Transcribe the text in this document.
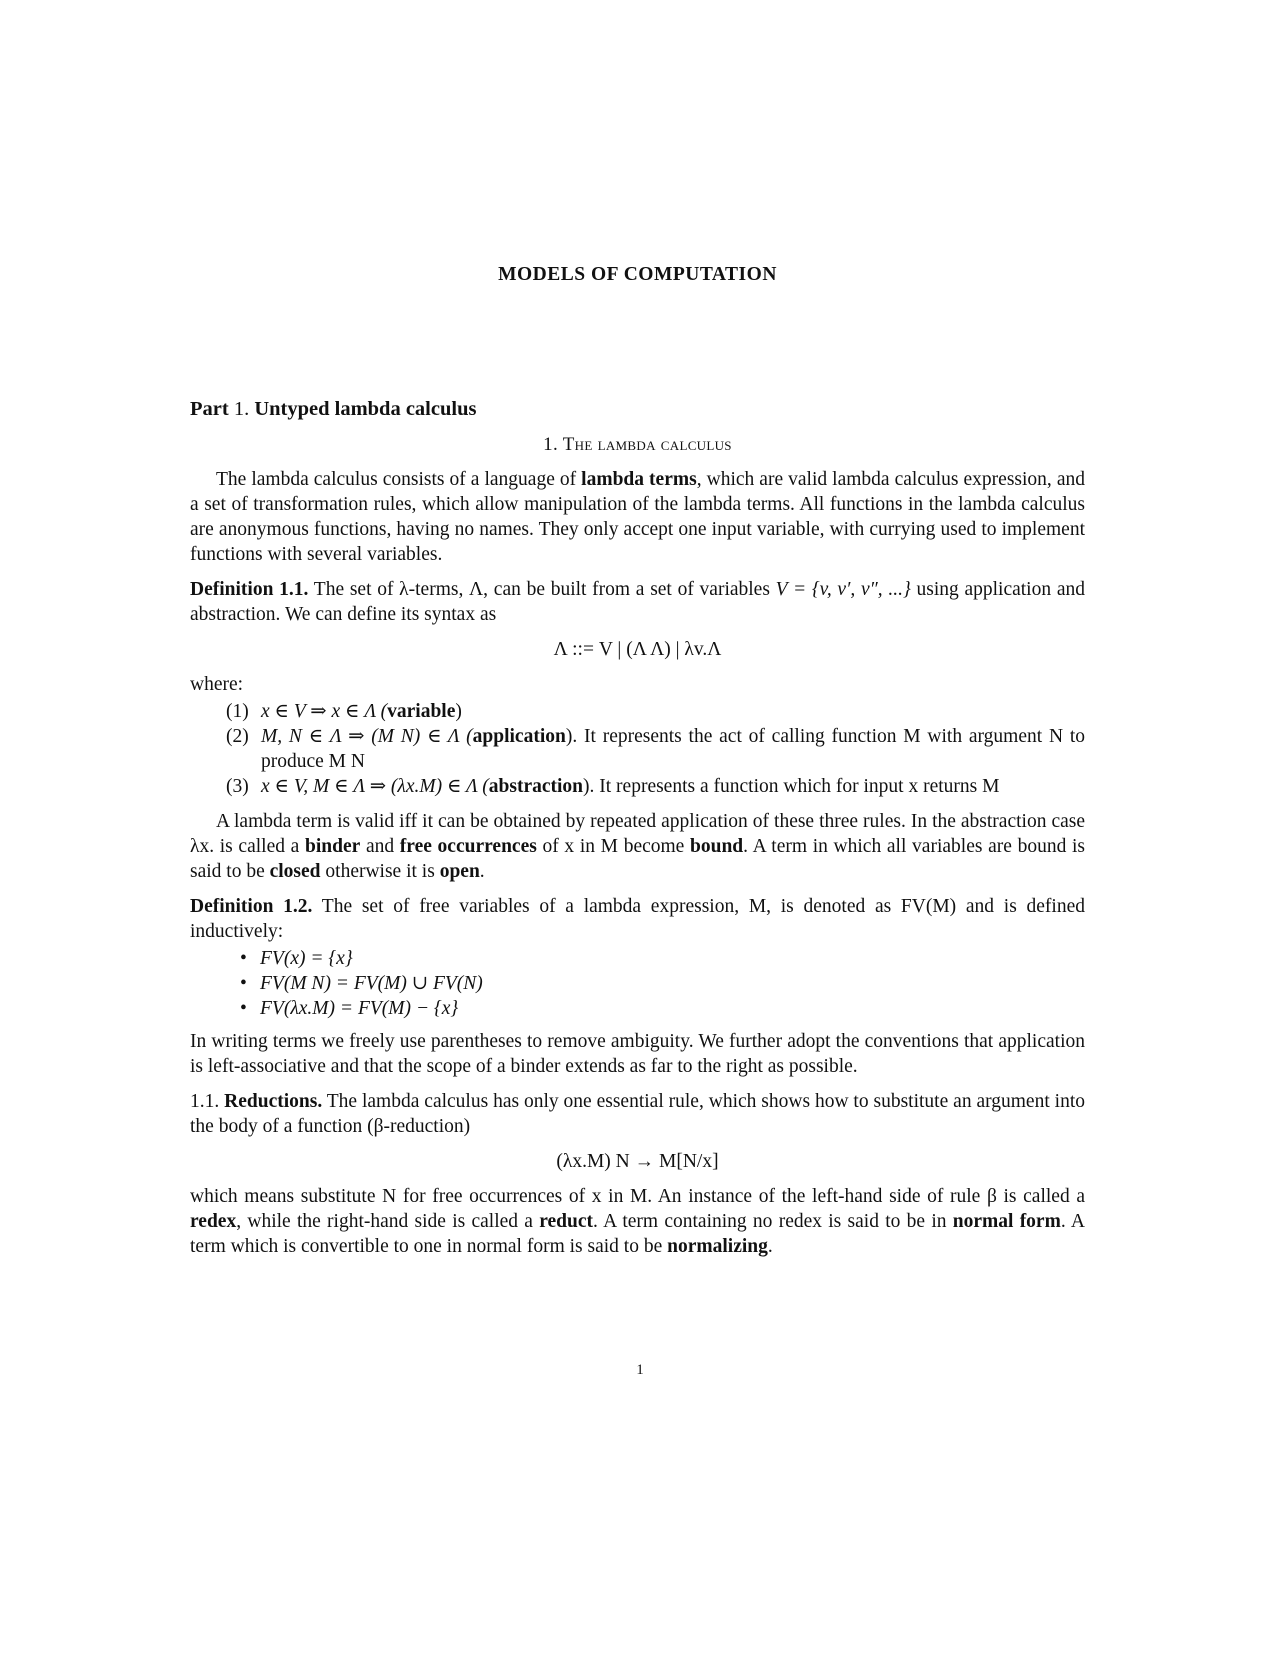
MODELS OF COMPUTATION
Part 1. Untyped lambda calculus
1. The lambda calculus

The lambda calculus consists of a language of lambda terms, which are valid lambda calculus expression, and a set of transformation rules, which allow manipulation of the lambda terms. All functions in the lambda calculus are anonymous functions, having no names. They only accept one input variable, with currying used to implement functions with several variables.

Definition 1.1. The set of λ-terms, Λ, can be built from a set of variables V = {v, v′, v″, ...} using application and abstraction. We can define its syntax as

Λ ::= V | (Λ Λ) | λv.Λ

where:

(1) x ∈ V ⇒ x ∈ Λ (variable)
(2) M, N ∈ Λ ⇒ (M N) ∈ Λ (application). It represents the act of calling function M with argument N to produce M N
(3) x ∈ V, M ∈ Λ ⇒ (λx.M) ∈ Λ (abstraction). It represents a function which for input x returns M

A lambda term is valid iff it can be obtained by repeated application of these three rules. In the abstraction case λx. is called a binder and free occurrences of x in M become bound. A term in which all variables are bound is said to be closed otherwise it is open.

Definition 1.2. The set of free variables of a lambda expression, M, is denoted as FV(M) and is defined inductively:

• FV(x) = {x}
• FV(M N) = FV(M) ∪ FV(N)
• FV(λx.M) = FV(M) − {x}

In writing terms we freely use parentheses to remove ambiguity. We further adopt the conventions that application is left-associative and that the scope of a binder extends as far to the right as possible.

1.1. Reductions. The lambda calculus has only one essential rule, which shows how to substitute an argument into the body of a function (β-reduction)

(λx.M) N → M[N/x]

which means substitute N for free occurrences of x in M. An instance of the left-hand side of rule β is called a redex, while the right-hand side is called a reduct. A term containing no redex is said to be in normal form. A term which is convertible to one in normal form is said to be normalizing.

1
